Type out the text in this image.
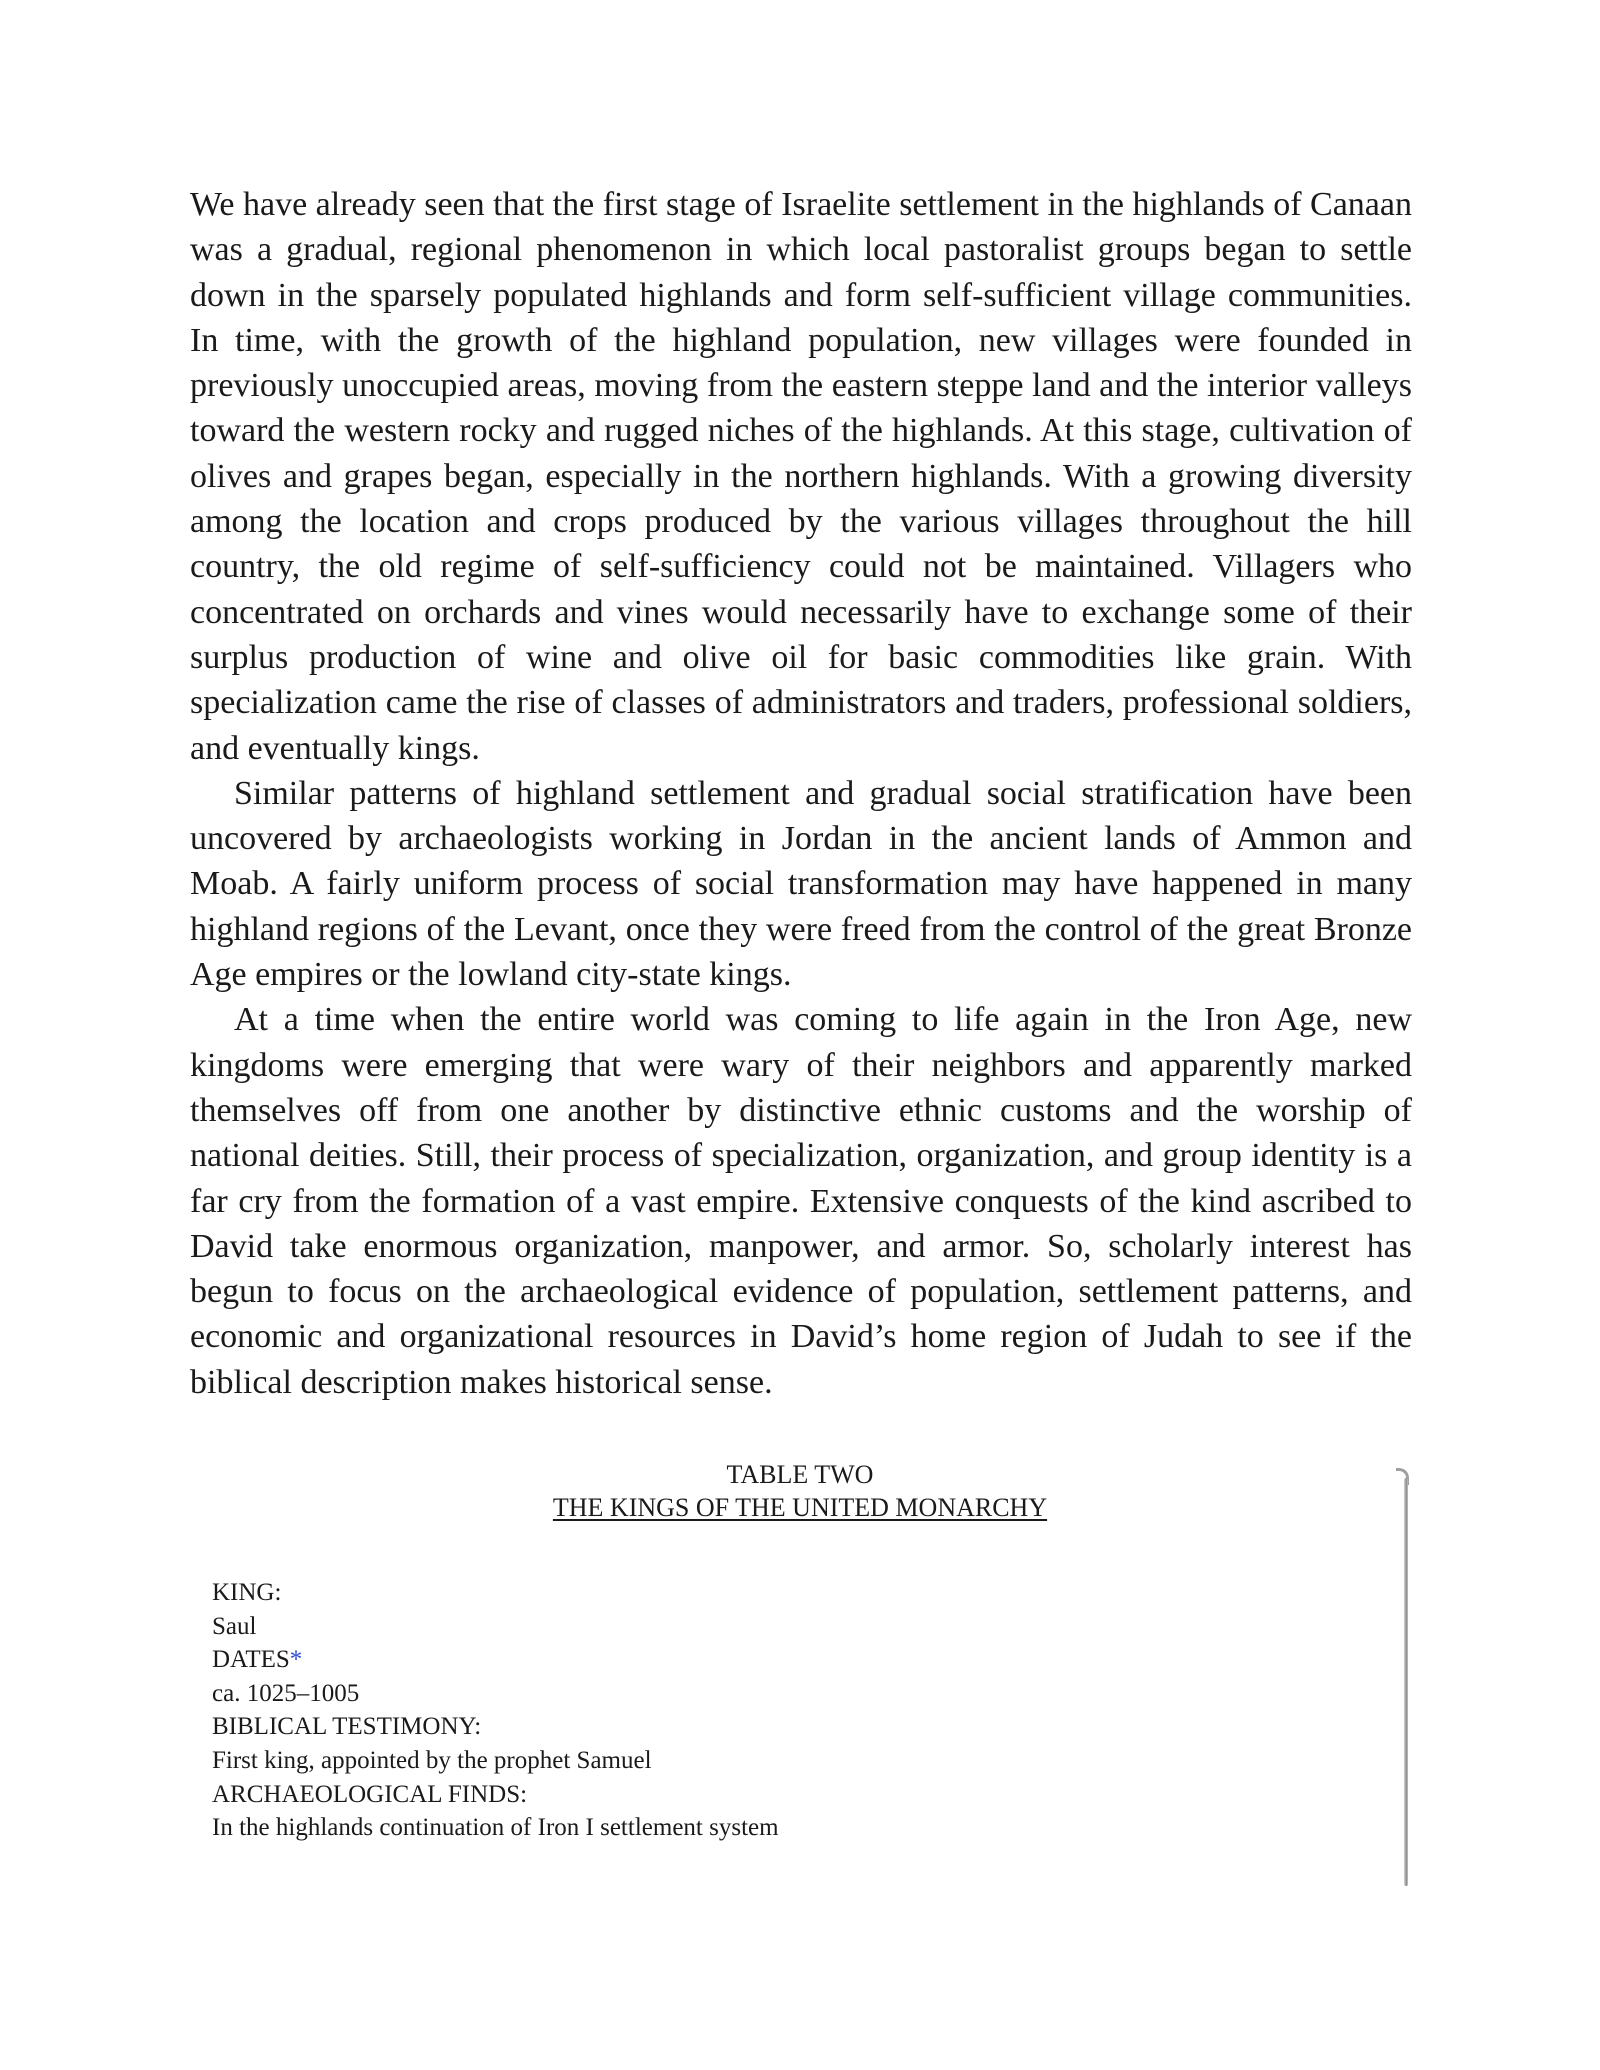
We have already seen that the first stage of Israelite settlement in the highlands of Canaan was a gradual, regional phenomenon in which local pastoralist groups began to settle down in the sparsely populated highlands and form self-sufficient village communities. In time, with the growth of the highland population, new villages were founded in previously unoccupied areas, moving from the eastern steppe land and the interior valleys toward the western rocky and rugged niches of the highlands. At this stage, cultivation of olives and grapes began, especially in the northern highlands. With a growing diversity among the location and crops produced by the various villages throughout the hill country, the old regime of self-sufficiency could not be maintained. Villagers who concentrated on orchards and vines would necessarily have to exchange some of their surplus production of wine and olive oil for basic commodities like grain. With specialization came the rise of classes of administrators and traders, professional soldiers, and eventually kings.

Similar patterns of highland settlement and gradual social stratification have been uncovered by archaeologists working in Jordan in the ancient lands of Ammon and Moab. A fairly uniform process of social transformation may have happened in many highland regions of the Levant, once they were freed from the control of the great Bronze Age empires or the lowland city-state kings.

At a time when the entire world was coming to life again in the Iron Age, new kingdoms were emerging that were wary of their neighbors and apparently marked themselves off from one another by distinctive ethnic customs and the worship of national deities. Still, their process of specialization, organization, and group identity is a far cry from the formation of a vast empire. Extensive conquests of the kind ascribed to David take enormous organization, manpower, and armor. So, scholarly interest has begun to focus on the archaeological evidence of population, settlement patterns, and economic and organizational resources in David’s home region of Judah to see if the biblical description makes historical sense.

TABLE TWO
THE KINGS OF THE UNITED MONARCHY
KING:
Saul
DATES*
ca. 1025–1005
BIBLICAL TESTIMONY:
First king, appointed by the prophet Samuel
ARCHAEOLOGICAL FINDS:
In the highlands continuation of Iron I settlement system
